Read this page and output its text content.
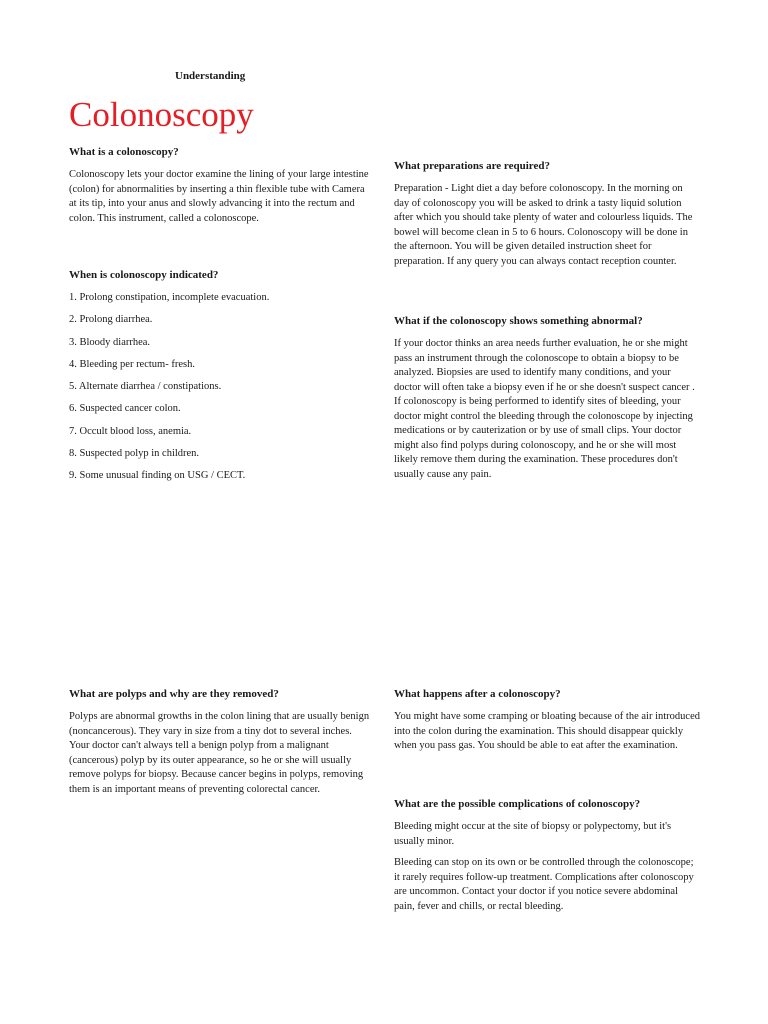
Understanding
Colonoscopy

What is a colonoscopy?

Colonoscopy lets your doctor examine the lining of your large intestine (colon) for abnormalities by inserting a thin flexible tube with Camera at its tip, into your anus and slowly advancing it into the rectum and colon. This instrument, called a colonoscope.

When is colonoscopy indicated?

1. Prolong constipation, incomplete evacuation.

2. Prolong diarrhea.

3. Bloody diarrhea.

4. Bleeding per rectum- fresh.

5. Alternate diarrhea / constipations.

6. Suspected cancer colon.

7. Occult blood loss, anemia.

8. Suspected polyp in children.

9. Some unusual finding on USG / CECT.

What are polyps and why are they removed?

Polyps are abnormal growths in the colon lining that are usually benign (noncancerous). They vary in size from a tiny dot to several inches. Your doctor can't always tell a benign polyp from a malignant (cancerous) polyp by its outer appearance, so he or she will usually remove polyps for biopsy. Because cancer begins in polyps, removing them is an important means of preventing colorectal cancer.

What preparations are required?

Preparation - Light diet a day before colonoscopy. In the morning on day of colonoscopy you will be asked to drink a tasty liquid solution after which you should take plenty of water and colourless liquids. The bowel will become clean in 5 to 6 hours. Colonoscopy will be done in the afternoon. You will be given detailed instruction sheet for preparation. If any query you can always contact reception counter.

What if the colonoscopy shows something abnormal?

If your doctor thinks an area needs further evaluation, he or she might pass an instrument through the colonoscope to obtain a biopsy to be analyzed. Biopsies are used to identify many conditions, and your doctor will often take a biopsy even if he or she doesn't suspect cancer . If colonoscopy is being performed to identify sites of bleeding, your doctor might control the bleeding through the colonoscope by injecting medications or by cauterization or by use of small clips. Your doctor might also find polyps during colonoscopy, and he or she will most likely remove them during the examination. These procedures don't usually cause any pain.

What happens after a colonoscopy?

You might have some cramping or bloating because of the air introduced into the colon during the examination. This should disappear quickly when you pass gas. You should be able to eat after the examination.

What are the possible complications of colonoscopy?

Bleeding might occur at the site of biopsy or polypectomy, but it's usually minor.

Bleeding can stop on its own or be controlled through the colonoscope; it rarely requires follow-up treatment. Complications after colonoscopy are uncommon. Contact your doctor if you notice severe abdominal pain, fever and chills, or rectal bleeding.
